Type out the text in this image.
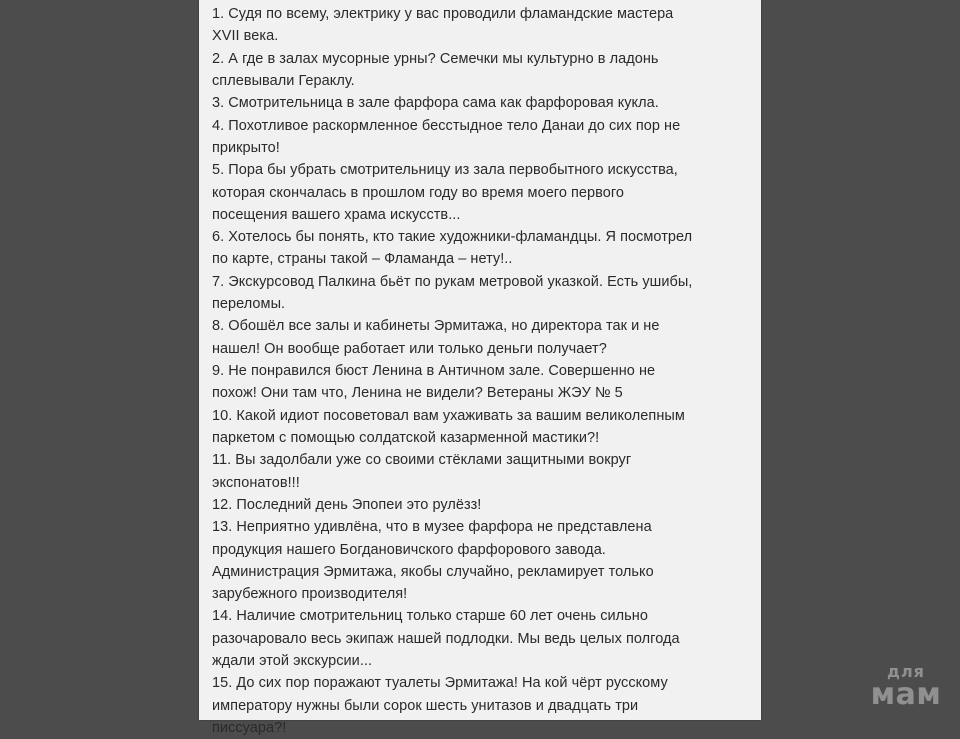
1. Судя по всему, электрику у вас проводили фламандские мастера
XVII века.
2. А где в залах мусорные урны? Семечки мы культурно в ладонь
сплевывали Гераклу.
3. Смотрительница в зале фарфора сама как фарфоровая кукла.
4. Похотливое раскормленное бесстыдное тело Данаи до сих пор не
прикрыто!
5. Пора бы убрать смотрительницу из зала первобытного искусства,
которая скончалась в прошлом году во время моего первого
посещения вашего храма искусств...
6. Хотелось бы понять, кто такие художники-фламандцы. Я посмотрел
по карте, страны такой – Фламанда – нету!..
7. Экскурсовод Палкина бьёт по рукам метровой указкой. Есть ушибы,
переломы.
8. Обошёл все залы и кабинеты Эрмитажа, но директора так и не
нашел! Он вообще работает или только деньги получает?
9. Не понравился бюст Ленина в Античном зале. Совершенно не
похож! Они там что, Ленина не видели? Ветераны ЖЭУ № 5
10. Какой идиот посоветовал вам ухаживать за вашим великолепным
паркетом с помощью солдатской казарменной мастики?!
11. Вы задолбали уже со своими стёклами защитными вокруг
экспонатов!!!
12. Последний день Эпопеи это рулёзз!
13. Неприятно удивлёна, что в музее фарфора не представлена
продукция нашего Богдановичского фарфорового завода.
Администрация Эрмитажа, якобы случайно, рекламирует только
зарубежного производителя!
14. Наличие смотрительниц только старше 60 лет очень сильно
разочаровало весь экипаж нашей подлодки. Мы ведь целых полгода
ждали этой экскурсии...
15. До сих пор поражают туалеты Эрмитажа! На кой чёрт русскому
императору нужны были сорок шесть унитазов и двадцать три
писсуара?!
для
мам
